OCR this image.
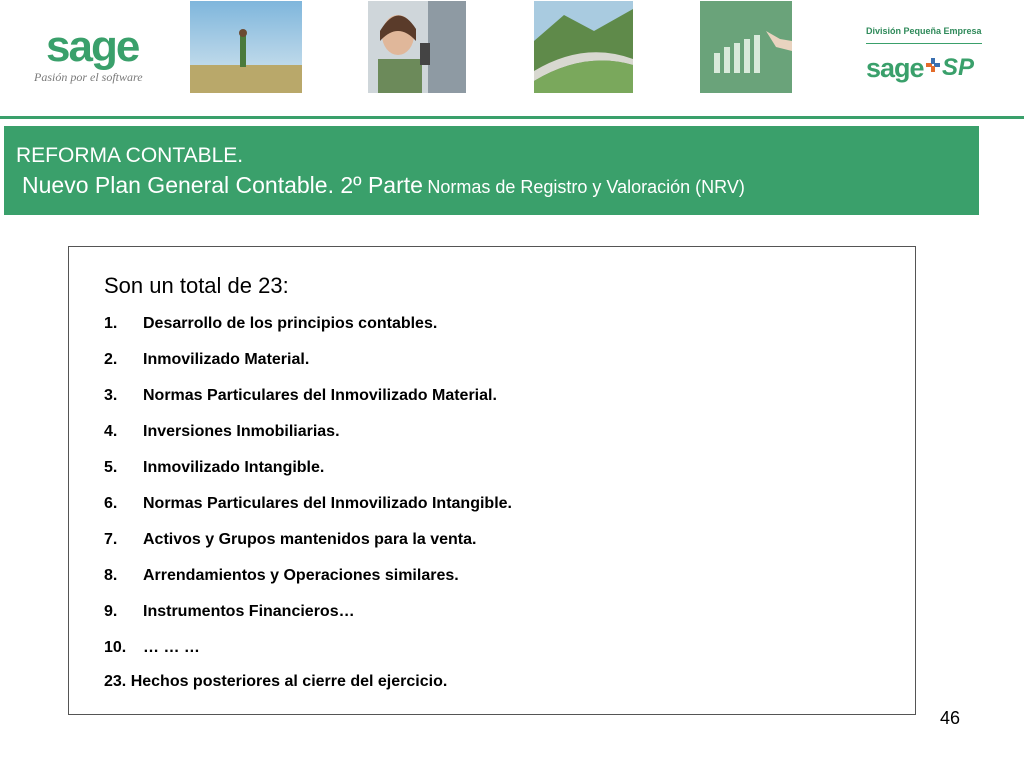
sage
Pasión por el software
División Pequeña Empresa
sage SP
REFORMA CONTABLE.
Nuevo Plan General Contable. 2º Parte Normas de Registro y Valoración (NRV)
Son un total de 23:
1. Desarrollo de los principios contables.
2. Inmovilizado Material.
3. Normas Particulares del Inmovilizado Material.
4. Inversiones Inmobiliarias.
5. Inmovilizado Intangible.
6. Normas Particulares del Inmovilizado Intangible.
7. Activos y Grupos mantenidos para la venta.
8. Arrendamientos y Operaciones similares.
9. Instrumentos Financieros…
10. … … …
23. Hechos posteriores al cierre del ejercicio.
46
